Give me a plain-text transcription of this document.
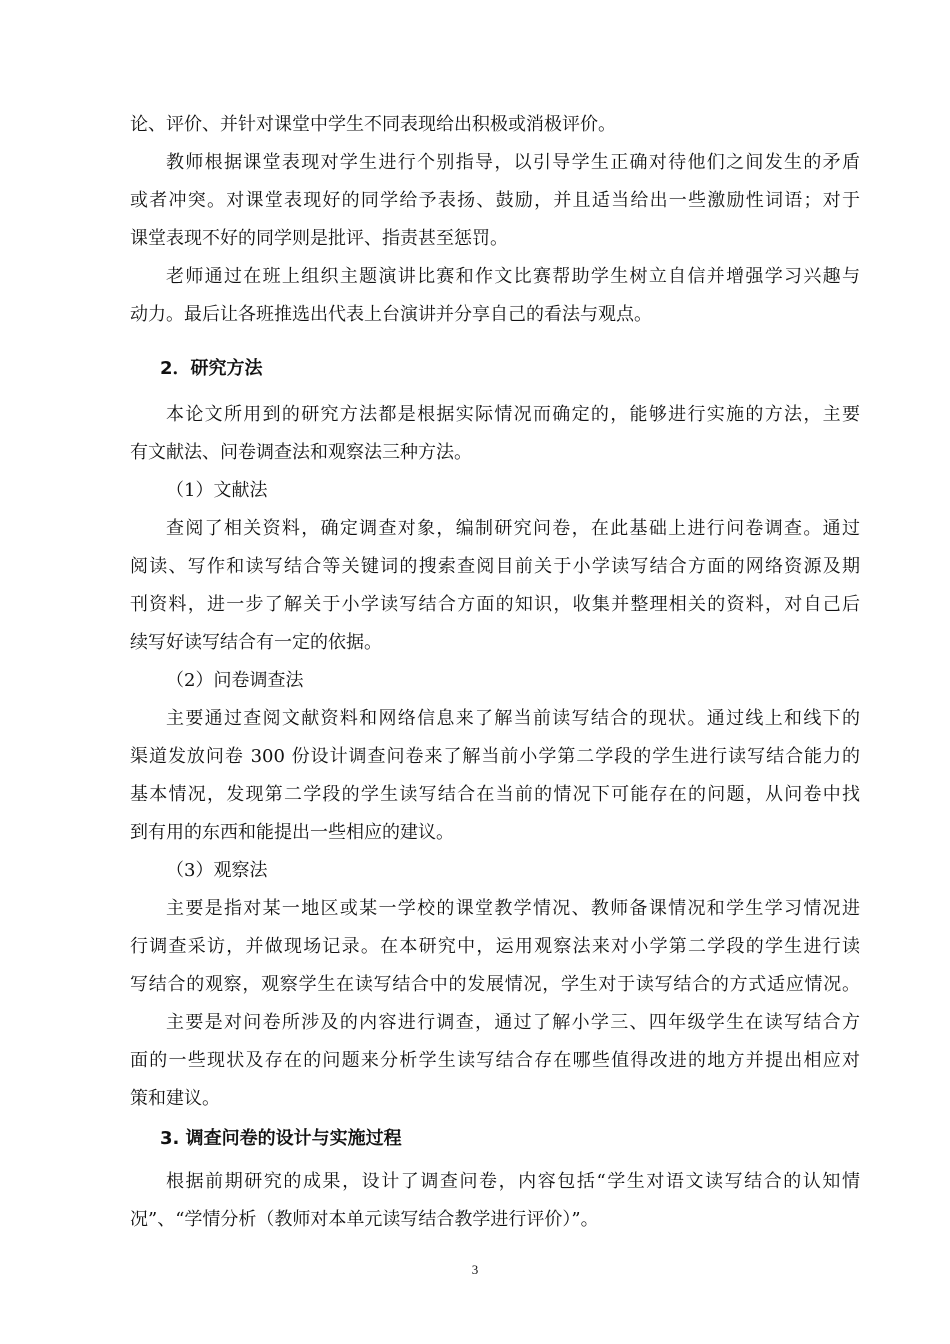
论、评价、并针对课堂中学生不同表现给出积极或消极评价。
教师根据课堂表现对学生进行个别指导，以引导学生正确对待他们之间发生的矛盾
或者冲突。对课堂表现好的同学给予表扬、鼓励，并且适当给出一些激励性词语；对于
课堂表现不好的同学则是批评、指责甚至惩罚。
老师通过在班上组织主题演讲比赛和作文比赛帮助学生树立自信并增强学习兴趣与
动力。最后让各班推选出代表上台演讲并分享自己的看法与观点。
2．研究方法
本论文所用到的研究方法都是根据实际情况而确定的，能够进行实施的方法，主要
有文献法、问卷调查法和观察法三种方法。
（1）文献法
查阅了相关资料，确定调查对象，编制研究问卷，在此基础上进行问卷调查。通过
阅读、写作和读写结合等关键词的搜索查阅目前关于小学读写结合方面的网络资源及期
刊资料，进一步了解关于小学读写结合方面的知识，收集并整理相关的资料，对自己后
续写好读写结合有一定的依据。
（2）问卷调查法
主要通过查阅文献资料和网络信息来了解当前读写结合的现状。通过线上和线下的
渠道发放问卷 300 份设计调查问卷来了解当前小学第二学段的学生进行读写结合能力的
基本情况，发现第二学段的学生读写结合在当前的情况下可能存在的问题，从问卷中找
到有用的东西和能提出一些相应的建议。
（3）观察法
主要是指对某一地区或某一学校的课堂教学情况、教师备课情况和学生学习情况进
行调查采访，并做现场记录。在本研究中，运用观察法来对小学第二学段的学生进行读
写结合的观察，观察学生在读写结合中的发展情况，学生对于读写结合的方式适应情况。
主要是对问卷所涉及的内容进行调查，通过了解小学三、四年级学生在读写结合方
面的一些现状及存在的问题来分析学生读写结合存在哪些值得改进的地方并提出相应对
策和建议。
3. 调查问卷的设计与实施过程
根据前期研究的成果，设计了调查问卷，内容包括“学生对语文读写结合的认知情
况”、“学情分析（教师对本单元读写结合教学进行评价）”。
3
